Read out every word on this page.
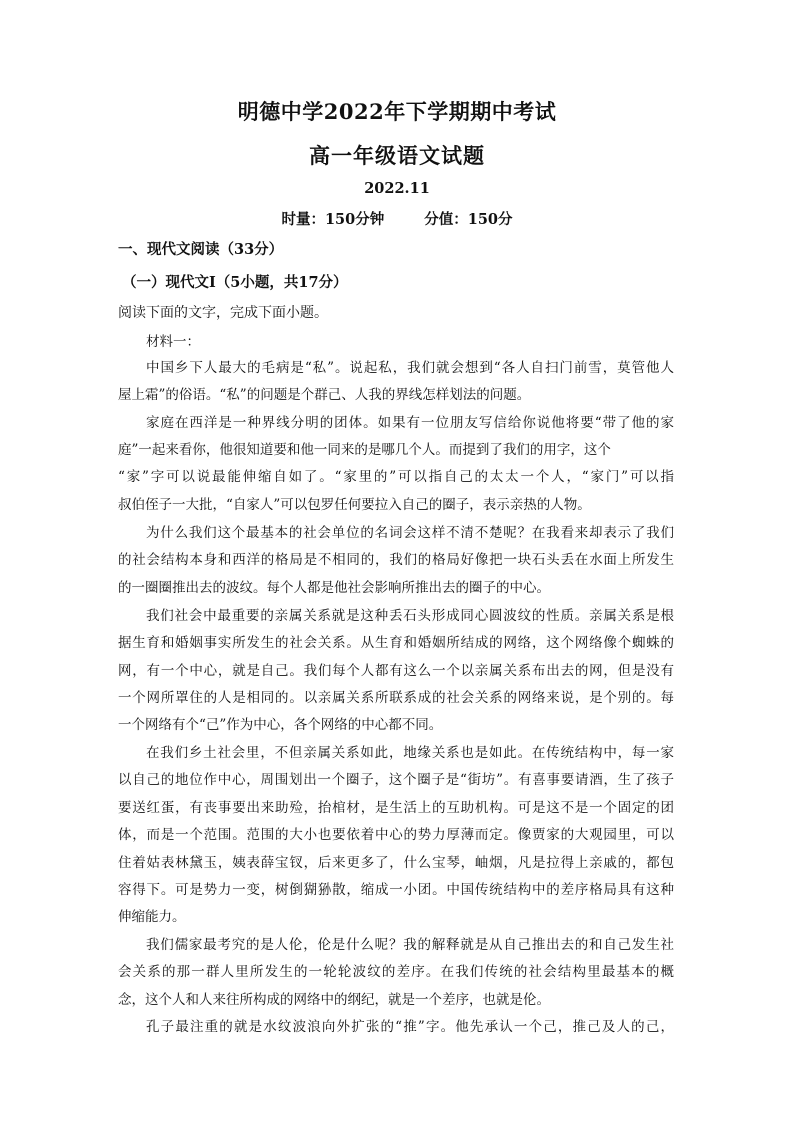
明德中学2022年下学期期中考试
高一年级语文试题
2022.11
时量：150分钟	分值：150分
一、现代文阅读（33分）
（一）现代文Ⅰ（5小题，共17分）
阅读下面的文字，完成下面小题。
材料一：
中国乡下人最大的毛病是“私”。说起私，我们就会想到“各人自扫门前雪，莫管他人
屋上霜”的俗语。“私”的问题是个群己、人我的界线怎样划法的问题。
家庭在西洋是一种界线分明的团体。如果有一位朋友写信给你说他将要“带了他的家
庭”一起来看你，他很知道要和他一同来的是哪几个人。而提到了我们的用字，这个
“家”字可以说最能伸缩自如了。“家里的”可以指自己的太太一个人，“家门”可以指
叔伯侄子一大批，“自家人”可以包罗任何要拉入自己的圈子，表示亲热的人物。
为什么我们这个最基本的社会单位的名词会这样不清不楚呢？在我看来却表示了我们
的社会结构本身和西洋的格局是不相同的，我们的格局好像把一块石头丢在水面上所发生
的一圈圈推出去的波纹。每个人都是他社会影响所推出去的圈子的中心。
我们社会中最重要的亲属关系就是这种丢石头形成同心圆波纹的性质。亲属关系是根
据生育和婚姻事实所发生的社会关系。从生育和婚姻所结成的网络，这个网络像个蜘蛛的
网，有一个中心，就是自己。我们每个人都有这么一个以亲属关系布出去的网，但是没有
一个网所罩住的人是相同的。以亲属关系所联系成的社会关系的网络来说，是个别的。每
一个网络有个“己”作为中心，各个网络的中心都不同。
在我们乡土社会里，不但亲属关系如此，地缘关系也是如此。在传统结构中，每一家
以自己的地位作中心，周围划出一个圈子，这个圈子是“街坊”。有喜事要请酒，生了孩子
要送红蛋，有丧事要出来助殓，抬棺材，是生活上的互助机构。可是这不是一个固定的团
体，而是一个范围。范围的大小也要依着中心的势力厚薄而定。像贾家的大观园里，可以
住着姑表林黛玉，姨表薛宝钗，后来更多了，什么宝琴，岫烟，凡是拉得上亲戚的，都包
容得下。可是势力一变，树倒猢狲散，缩成一小团。中国传统结构中的差序格局具有这种
伸缩能力。
我们儒家最考究的是人伦，伦是什么呢？我的解释就是从自己推出去的和自己发生社
会关系的那一群人里所发生的一轮轮波纹的差序。在我们传统的社会结构里最基本的概
念，这个人和人来往所构成的网络中的纲纪，就是一个差序，也就是伦。
孔子最注重的就是水纹波浪向外扩张的“推”字。他先承认一个己，推己及人的己，
